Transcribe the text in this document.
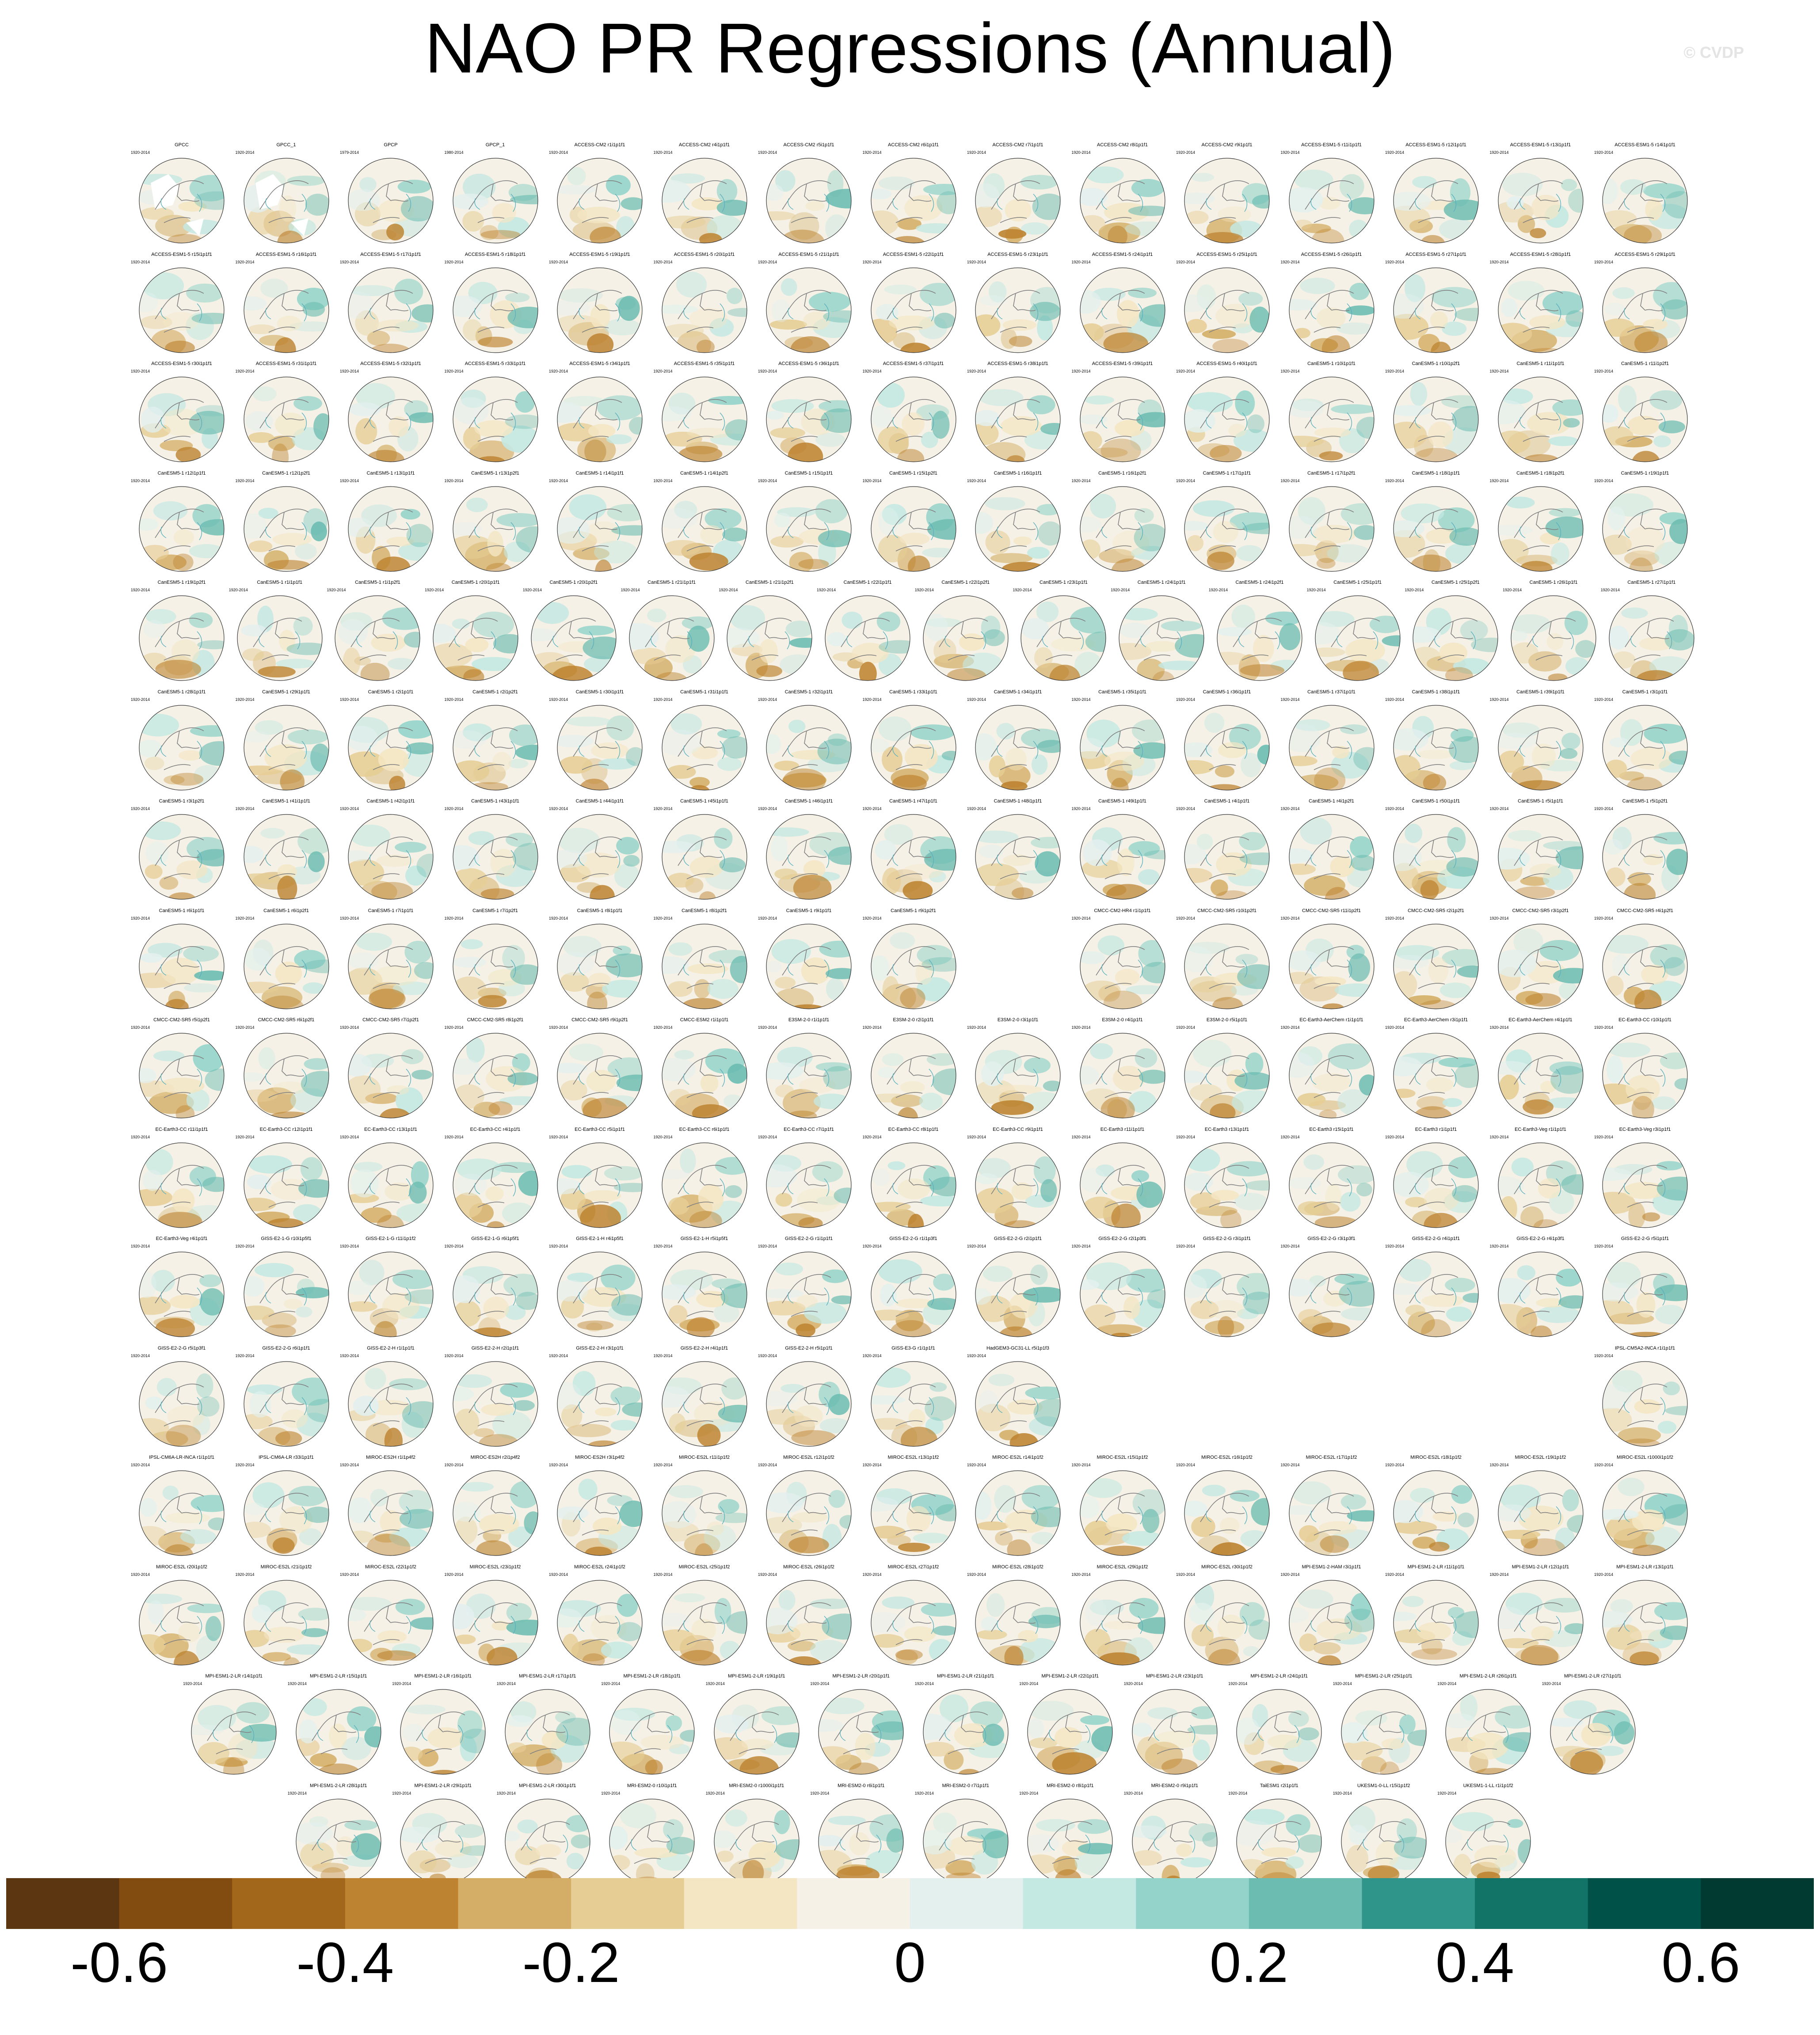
NAO PR Regressions (Annual)	© CVDP
GPCC
1920-2014
GPCC_1
1920-2014
GPCP
1979-2014
GPCP_1
1980-2014
ACCESS-CM2 r1i1p1f1
1920-2014
ACCESS-CM2 r4i1p1f1
1920-2014
ACCESS-CM2 r5i1p1f1
1920-2014
ACCESS-CM2 r6i1p1f1
1920-2014
ACCESS-CM2 r7i1p1f1
1920-2014
ACCESS-CM2 r8i1p1f1
1920-2014
ACCESS-CM2 r9i1p1f1
1920-2014
ACCESS-ESM1-5 r11i1p1f1
1920-2014
ACCESS-ESM1-5 r12i1p1f1
1920-2014
ACCESS-ESM1-5 r13i1p1f1
1920-2014
ACCESS-ESM1-5 r14i1p1f1
1920-2014
ACCESS-ESM1-5 r15i1p1f1
1920-2014
ACCESS-ESM1-5 r16i1p1f1
1920-2014
ACCESS-ESM1-5 r17i1p1f1
1920-2014
ACCESS-ESM1-5 r18i1p1f1
1920-2014
ACCESS-ESM1-5 r19i1p1f1
1920-2014
ACCESS-ESM1-5 r20i1p1f1
1920-2014
ACCESS-ESM1-5 r21i1p1f1
1920-2014
ACCESS-ESM1-5 r22i1p1f1
1920-2014
ACCESS-ESM1-5 r23i1p1f1
1920-2014
ACCESS-ESM1-5 r24i1p1f1
1920-2014
ACCESS-ESM1-5 r25i1p1f1
1920-2014
ACCESS-ESM1-5 r26i1p1f1
1920-2014
ACCESS-ESM1-5 r27i1p1f1
1920-2014
ACCESS-ESM1-5 r28i1p1f1
1920-2014
ACCESS-ESM1-5 r29i1p1f1
1920-2014
ACCESS-ESM1-5 r30i1p1f1
1920-2014
ACCESS-ESM1-5 r31i1p1f1
1920-2014
ACCESS-ESM1-5 r32i1p1f1
1920-2014
ACCESS-ESM1-5 r33i1p1f1
1920-2014
ACCESS-ESM1-5 r34i1p1f1
1920-2014
ACCESS-ESM1-5 r35i1p1f1
1920-2014
ACCESS-ESM1-5 r36i1p1f1
1920-2014
ACCESS-ESM1-5 r37i1p1f1
1920-2014
ACCESS-ESM1-5 r38i1p1f1
1920-2014
ACCESS-ESM1-5 r39i1p1f1
1920-2014
ACCESS-ESM1-5 r40i1p1f1
1920-2014
CanESM5-1 r10i1p1f1
1920-2014
CanESM5-1 r10i1p2f1
1920-2014
CanESM5-1 r11i1p1f1
1920-2014
CanESM5-1 r11i1p2f1
1920-2014
CanESM5-1 r12i1p1f1
1920-2014
CanESM5-1 r12i1p2f1
1920-2014
CanESM5-1 r13i1p1f1
1920-2014
CanESM5-1 r13i1p2f1
1920-2014
CanESM5-1 r14i1p1f1
1920-2014
CanESM5-1 r14i1p2f1
1920-2014
CanESM5-1 r15i1p1f1
1920-2014
CanESM5-1 r15i1p2f1
1920-2014
CanESM5-1 r16i1p1f1
1920-2014
CanESM5-1 r16i1p2f1
1920-2014
CanESM5-1 r17i1p1f1
1920-2014
CanESM5-1 r17i1p2f1
1920-2014
CanESM5-1 r18i1p1f1
1920-2014
CanESM5-1 r18i1p2f1
1920-2014
CanESM5-1 r19i1p1f1
1920-2014
CanESM5-1 r19i1p2f1
1920-2014
CanESM5-1 r1i1p1f1
1920-2014
CanESM5-1 r1i1p2f1
1920-2014
CanESM5-1 r20i1p1f1
1920-2014
CanESM5-1 r20i1p2f1
1920-2014
CanESM5-1 r21i1p1f1
1920-2014
CanESM5-1 r21i1p2f1
1920-2014
CanESM5-1 r22i1p1f1
1920-2014
CanESM5-1 r22i1p2f1
1920-2014
CanESM5-1 r23i1p1f1
1920-2014
CanESM5-1 r24i1p1f1
1920-2014
CanESM5-1 r24i1p2f1
1920-2014
CanESM5-1 r25i1p1f1
1920-2014
CanESM5-1 r25i1p2f1
1920-2014
CanESM5-1 r26i1p1f1
1920-2014
CanESM5-1 r27i1p1f1
1920-2014
CanESM5-1 r28i1p1f1
1920-2014
CanESM5-1 r29i1p1f1
1920-2014
CanESM5-1 r2i1p1f1
1920-2014
CanESM5-1 r2i1p2f1
1920-2014
CanESM5-1 r30i1p1f1
1920-2014
CanESM5-1 r31i1p1f1
1920-2014
CanESM5-1 r32i1p1f1
1920-2014
CanESM5-1 r33i1p1f1
1920-2014
CanESM5-1 r34i1p1f1
1920-2014
CanESM5-1 r35i1p1f1
1920-2014
CanESM5-1 r36i1p1f1
1920-2014
CanESM5-1 r37i1p1f1
1920-2014
CanESM5-1 r38i1p1f1
1920-2014
CanESM5-1 r39i1p1f1
1920-2014
CanESM5-1 r3i1p1f1
1920-2014
CanESM5-1 r3i1p2f1
1920-2014
CanESM5-1 r41i1p1f1
1920-2014
CanESM5-1 r42i1p1f1
1920-2014
CanESM5-1 r43i1p1f1
1920-2014
CanESM5-1 r44i1p1f1
1920-2014
CanESM5-1 r45i1p1f1
1920-2014
CanESM5-1 r46i1p1f1
1920-2014
CanESM5-1 r47i1p1f1
1920-2014
CanESM5-1 r48i1p1f1
1920-2014
CanESM5-1 r49i1p1f1
1920-2014
CanESM5-1 r4i1p1f1
1920-2014
CanESM5-1 r4i1p2f1
1920-2014
CanESM5-1 r50i1p1f1
1920-2014
CanESM5-1 r5i1p1f1
1920-2014
CanESM5-1 r5i1p2f1
1920-2014
CanESM5-1 r6i1p1f1
1920-2014
CanESM5-1 r6i1p2f1
1920-2014
CanESM5-1 r7i1p1f1
1920-2014
CanESM5-1 r7i1p2f1
1920-2014
CanESM5-1 r8i1p1f1
1920-2014
CanESM5-1 r8i1p2f1
1920-2014
CanESM5-1 r9i1p1f1
1920-2014
CanESM5-1 r9i1p2f1
1920-2014
CMCC-CM2-HR4 r1i1p1f1
1920-2014
CMCC-CM2-SR5 r10i1p2f1
1920-2014
CMCC-CM2-SR5 r11i1p2f1
1920-2014
CMCC-CM2-SR5 r2i1p2f1
1920-2014
CMCC-CM2-SR5 r3i1p2f1
1920-2014
CMCC-CM2-SR5 r4i1p2f1
1920-2014
CMCC-CM2-SR5 r5i1p2f1
1920-2014
CMCC-CM2-SR5 r6i1p2f1
1920-2014
CMCC-CM2-SR5 r7i1p2f1
1920-2014
CMCC-CM2-SR5 r8i1p2f1
1920-2014
CMCC-CM2-SR5 r9i1p2f1
1920-2014
CMCC-ESM2 r1i1p1f1
1920-2014
E3SM-2-0 r1i1p1f1
1920-2014
E3SM-2-0 r2i1p1f1
1920-2014
E3SM-2-0 r3i1p1f1
1920-2014
E3SM-2-0 r4i1p1f1
1920-2014
E3SM-2-0 r5i1p1f1
1920-2014
EC-Earth3-AerChem r1i1p1f1
1920-2014
EC-Earth3-AerChem r3i1p1f1
1920-2014
EC-Earth3-AerChem r4i1p1f1
1920-2014
EC-Earth3-CC r10i1p1f1
1920-2014
EC-Earth3-CC r11i1p1f1
1920-2014
EC-Earth3-CC r12i1p1f1
1920-2014
EC-Earth3-CC r13i1p1f1
1920-2014
EC-Earth3-CC r4i1p1f1
1920-2014
EC-Earth3-CC r5i1p1f1
1920-2014
EC-Earth3-CC r6i1p1f1
1920-2014
EC-Earth3-CC r7i1p1f1
1920-2014
EC-Earth3-CC r8i1p1f1
1920-2014
EC-Earth3-CC r9i1p1f1
1920-2014
EC-Earth3 r11i1p1f1
1920-2014
EC-Earth3 r13i1p1f1
1920-2014
EC-Earth3 r15i1p1f1
1920-2014
EC-Earth3 r1i1p1f1
1920-2014
EC-Earth3-Veg r1i1p1f1
1920-2014
EC-Earth3-Veg r3i1p1f1
1920-2014
EC-Earth3-Veg r4i1p1f1
1920-2014
GISS-E2-1-G r10i1p5f1
1920-2014
GISS-E2-1-G r11i1p1f2
1920-2014
GISS-E2-1-G r6i1p5f1
1920-2014
GISS-E2-1-H r4i1p5f1
1920-2014
GISS-E2-1-H r5i1p5f1
1920-2014
GISS-E2-2-G r1i1p1f1
1920-2014
GISS-E2-2-G r1i1p3f1
1920-2014
GISS-E2-2-G r2i1p1f1
1920-2014
GISS-E2-2-G r2i1p3f1
1920-2014
GISS-E2-2-G r3i1p1f1
1920-2014
GISS-E2-2-G r3i1p3f1
1920-2014
GISS-E2-2-G r4i1p1f1
1920-2014
GISS-E2-2-G r4i1p3f1
1920-2014
GISS-E2-2-G r5i1p1f1
1920-2014
GISS-E2-2-G r5i1p3f1
1920-2014
GISS-E2-2-G r6i1p1f1
1920-2014
GISS-E2-2-H r1i1p1f1
1920-2014
GISS-E2-2-H r2i1p1f1
1920-2014
GISS-E2-2-H r3i1p1f1
1920-2014
GISS-E2-2-H r4i1p1f1
1920-2014
GISS-E2-2-H r5i1p1f1
1920-2014
GISS-E3-G r1i1p1f1
1920-2014
HadGEM3-GC31-LL r5i1p1f3
1920-2014
IPSL-CM5A2-INCA r1i1p1f1
1920-2014
IPSL-CM6A-LR-INCA r1i1p1f1
1920-2014
IPSL-CM6A-LR r33i1p1f1
1920-2014
MIROC-ES2H r1i1p4f2
1920-2014
MIROC-ES2H r2i1p4f2
1920-2014
MIROC-ES2H r3i1p4f2
1920-2014
MIROC-ES2L r11i1p1f2
1920-2014
MIROC-ES2L r12i1p1f2
1920-2014
MIROC-ES2L r13i1p1f2
1920-2014
MIROC-ES2L r14i1p1f2
1920-2014
MIROC-ES2L r15i1p1f2
1920-2014
MIROC-ES2L r16i1p1f2
1920-2014
MIROC-ES2L r17i1p1f2
1920-2014
MIROC-ES2L r18i1p1f2
1920-2014
MIROC-ES2L r19i1p1f2
1920-2014
MIROC-ES2L r1000i1p1f2
1920-2014
MIROC-ES2L r20i1p1f2
1920-2014
MIROC-ES2L r21i1p1f2
1920-2014
MIROC-ES2L r22i1p1f2
1920-2014
MIROC-ES2L r23i1p1f2
1920-2014
MIROC-ES2L r24i1p1f2
1920-2014
MIROC-ES2L r25i1p1f2
1920-2014
MIROC-ES2L r26i1p1f2
1920-2014
MIROC-ES2L r27i1p1f2
1920-2014
MIROC-ES2L r28i1p1f2
1920-2014
MIROC-ES2L r29i1p1f2
1920-2014
MIROC-ES2L r30i1p1f2
1920-2014
MPI-ESM1-2-HAM r3i1p1f1
1920-2014
MPI-ESM1-2-LR r11i1p1f1
1920-2014
MPI-ESM1-2-LR r12i1p1f1
1920-2014
MPI-ESM1-2-LR r13i1p1f1
1920-2014
MPI-ESM1-2-LR r14i1p1f1
1920-2014
MPI-ESM1-2-LR r15i1p1f1
1920-2014
MPI-ESM1-2-LR r16i1p1f1
1920-2014
MPI-ESM1-2-LR r17i1p1f1
1920-2014
MPI-ESM1-2-LR r18i1p1f1
1920-2014
MPI-ESM1-2-LR r19i1p1f1
1920-2014
MPI-ESM1-2-LR r20i1p1f1
1920-2014
MPI-ESM1-2-LR r21i1p1f1
1920-2014
MPI-ESM1-2-LR r22i1p1f1
1920-2014
MPI-ESM1-2-LR r23i1p1f1
1920-2014
MPI-ESM1-2-LR r24i1p1f1
1920-2014
MPI-ESM1-2-LR r25i1p1f1
1920-2014
MPI-ESM1-2-LR r26i1p1f1
1920-2014
MPI-ESM1-2-LR r27i1p1f1
1920-2014
MPI-ESM1-2-LR r28i1p1f1
1920-2014
MPI-ESM1-2-LR r29i1p1f1
1920-2014
MPI-ESM1-2-LR r30i1p1f1
1920-2014
MRI-ESM2-0 r10i1p1f1
1920-2014
MRI-ESM2-0 r1000i1p1f1
1920-2014
MRI-ESM2-0 r6i1p1f1
1920-2014
MRI-ESM2-0 r7i1p1f1
1920-2014
MRI-ESM2-0 r8i1p1f1
1920-2014
MRI-ESM2-0 r9i1p1f1
1920-2014
TaiESM1 r2i1p1f1
1920-2014
UKESM1-0-LL r15i1p1f2
1920-2014
UKESM1-1-LL r1i1p1f2
1920-2014
-0.6 -0.4 -0.2	0	0.2	0.4	0.6
